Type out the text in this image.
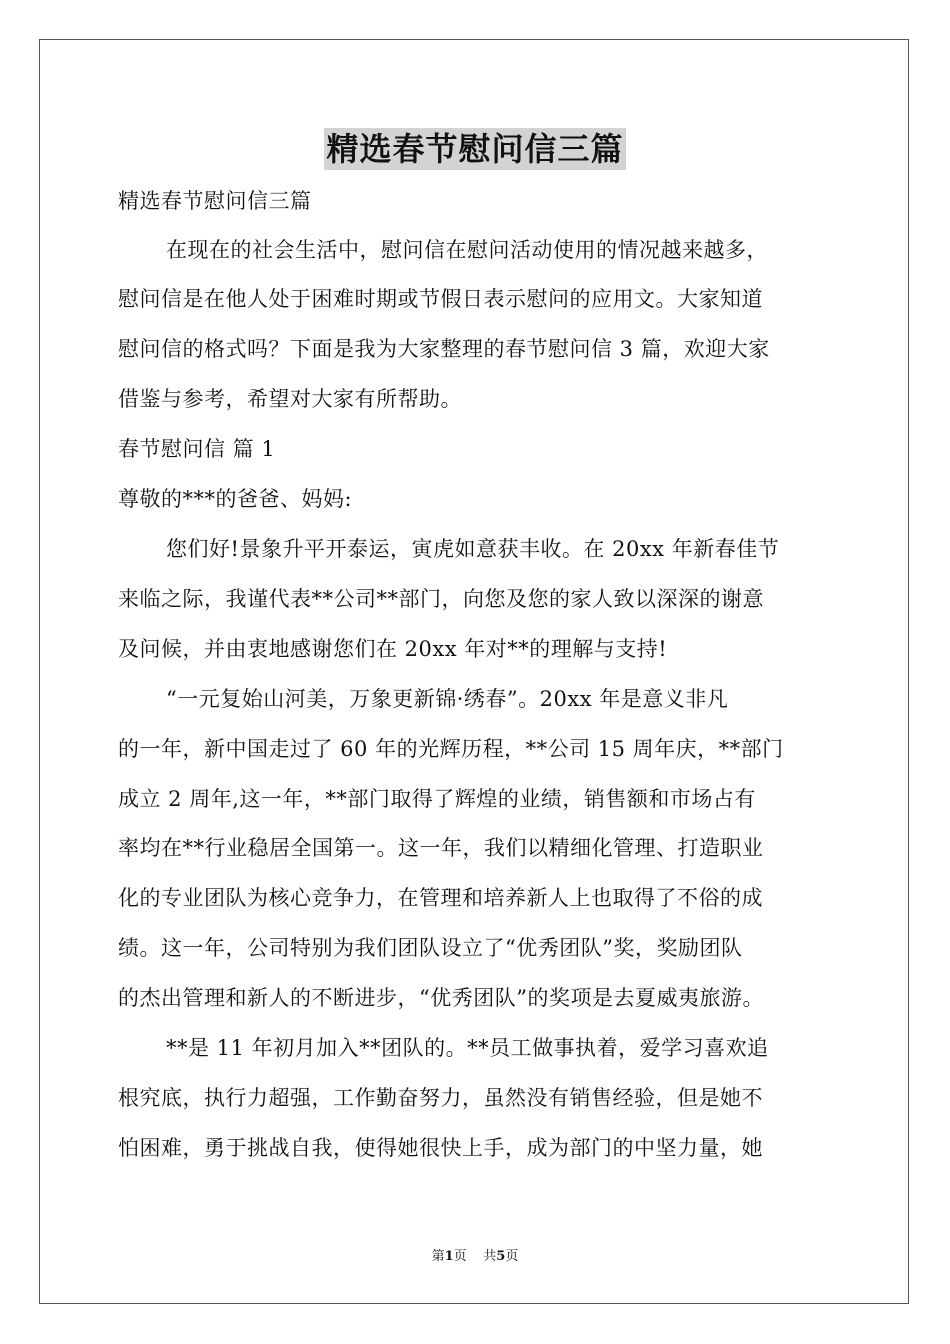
精选春节慰问信三篇
精选春节慰问信三篇
在现在的社会生活中，慰问信在慰问活动使用的情况越来越多，
慰问信是在他人处于困难时期或节假日表示慰问的应用文。大家知道
慰问信的格式吗？下面是我为大家整理的春节慰问信 3 篇，欢迎大家
借鉴与参考，希望对大家有所帮助。
春节慰问信 篇 1
尊敬的***的爸爸、妈妈:
您们好!景象升平开泰运，寅虎如意获丰收。在 20xx 年新春佳节
来临之际，我谨代表**公司**部门，向您及您的家人致以深深的谢意
及问候，并由衷地感谢您们在 20xx 年对**的理解与支持!
“一元复始山河美，万象更新锦·绣春”。20xx 年是意义非凡
的一年，新中国走过了 60 年的光辉历程，**公司 15 周年庆，**部门
成立 2 周年,这一年，**部门取得了辉煌的业绩，销售额和市场占有
率均在**行业稳居全国第一。这一年，我们以精细化管理、打造职业
化的专业团队为核心竞争力，在管理和培养新人上也取得了不俗的成
绩。这一年，公司特别为我们团队设立了“优秀团队”奖，奖励团队
的杰出管理和新人的不断进步，“优秀团队”的奖项是去夏威夷旅游。
**是 11 年初月加入**团队的。**员工做事执着，爱学习喜欢追
根究底，执行力超强，工作勤奋努力，虽然没有销售经验，但是她不
怕困难，勇于挑战自我，使得她很快上手，成为部门的中坚力量，她
第1页 共5页
